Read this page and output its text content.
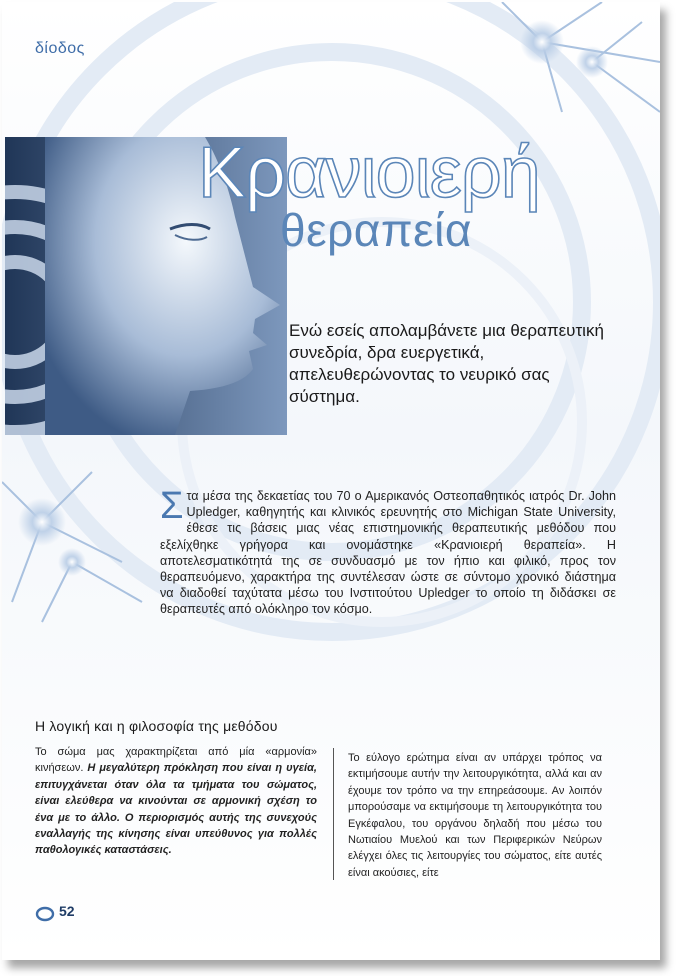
δίοδος
Κρανιοιερή
θεραπεία
Ενώ εσείς απολαμβάνετε μια θεραπευτική συνεδρία, δρα ευεργετικά, απελευθερώνοντας το νευρικό σας σύστημα.
Στα μέσα της δεκαετίας του 70 ο Αμερικανός Οστεοπαθητικός ιατρός Dr. John Upledger, καθηγητής και κλινικός ερευνητής στο Michigan State University, έθεσε τις βάσεις μιας νέας επιστημονικής θεραπευτικής μεθόδου που εξελίχθηκε γρήγορα και ονομάστηκε «Κρανιοιερή θεραπεία». Η αποτελεσματικότητά της σε συνδυασμό με τον ήπιο και φιλικό, προς τον θεραπευόμενο, χαρακτήρα της συντέλεσαν ώστε σε σύντομο χρονικό διάστημα να διαδοθεί ταχύτατα μέσω του Ινστιτούτου Upledger το οποίο τη διδάσκει σε θεραπευτές από ολόκληρο τον κόσμο.
Η λογική και η φιλοσοφία της μεθόδου
Το σώμα μας χαρακτηρίζεται από μία «αρμονία» κινήσεων. Η μεγαλύτερη πρόκληση που είναι η υγεία, επιτυγχάνεται όταν όλα τα τμήματα του σώματος, είναι ελεύθερα να κινούνται σε αρμονική σχέση το ένα με το άλλο. Ο περιορισμός αυτής της συνεχούς εναλλαγής της κίνησης είναι υπεύθυνος για πολλές παθολογικές καταστάσεις.
Το εύλογο ερώτημα είναι αν υπάρχει τρόπος να εκτιμήσουμε αυτήν την λειτουργικότητα, αλλά και αν έχουμε τον τρόπο να την επηρεάσουμε. Αν λοιπόν μπορούσαμε να εκτιμήσουμε τη λειτουργικότητα του Εγκέφαλου, του οργάνου δηλαδή που μέσω του Νωτιαίου Μυελού και των Περιφερικών Νεύρων ελέγχει όλες τις λειτουργίες του σώματος, είτε αυτές είναι ακούσιες, είτε
52
